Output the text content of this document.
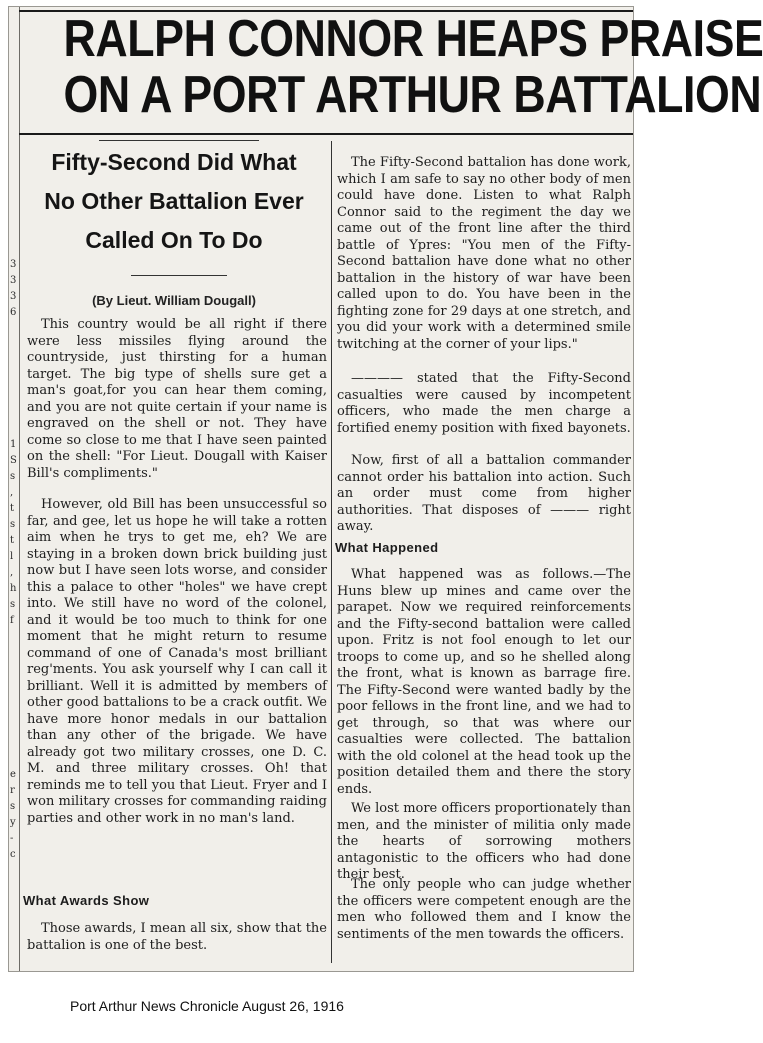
3
3
3
6
1
S
s
,
t
s
t
l
,
h
s
f
e
r
s
y
-
c
RALPH CONNOR HEAPS PRAISE
ON A PORT ARTHUR BATTALION
Fifty-Second Did What
No Other Battalion Ever
Called On To Do
(By Lieut. William Dougall)

This country would be all right if there were less missiles flying around the countryside, just thirsting for a human target. The big type of shells sure get a man's goat,for you can hear them coming, and you are not quite certain if your name is engraved on the shell or not. They have come so close to me that I have seen painted on the shell: "For Lieut. Dougall with Kaiser Bill's compliments."

However, old Bill has been unsuccessful so far, and gee, let us hope he will take a rotten aim when he trys to get me, eh? We are staying in a broken down brick building just now but I have seen lots worse, and consider this a palace to other "holes" we have crept into. We still have no word of the colonel, and it would be too much to think for one moment that he might return to resume command of one of Canada's most brilliant reg'ments. You ask yourself why I can call it brilliant. Well it is admitted by members of other good battalions to be a crack outfit. We have more honor medals in our battalion than any other of the brigade. We have already got two military crosses, one D. C. M. and three military crosses. Oh! that reminds me to tell you that Lieut. Fryer and I won military crosses for commanding raiding parties and other work in no man's land.

What Awards Show

Those awards, I mean all six, show that the battalion is one of the best.

The Fifty-Second battalion has done work, which I am safe to say no other body of men could have done. Listen to what Ralph Connor said to the regiment the day we came out of the front line after the third battle of Ypres: "You men of the Fifty-Second battalion have done what no other battalion in the history of war have been called upon to do. You have been in the fighting zone for 29 days at one stretch, and you did your work with a determined smile twitching at the corner of your lips."

———— stated that the Fifty-Second casualties were caused by incompetent officers, who made the men charge a fortified enemy position with fixed bayonets.

Now, first of all a battalion commander cannot order his battalion into action. Such an order must come from higher authorities. That disposes of ——— right away.

What Happened

What happened was as follows.—The Huns blew up mines and came over the parapet. Now we required reinforcements and the Fifty-second battalion were called upon. Fritz is not fool enough to let our troops to come up, and so he shelled along the front, what is known as barrage fire. The Fifty-Second were wanted badly by the poor fellows in the front line, and we had to get through, so that was where our casualties were collected. The battalion with the old colonel at the head took up the position detailed them and there the story ends.

We lost more officers proportionately than men, and the minister of militia only made the hearts of sorrowing mothers antagonistic to the officers who had done their best.

The only people who can judge whether the officers were competent enough are the men who followed them and I know the sentiments of the men towards the officers.

Port Arthur News Chronicle August 26, 1916
